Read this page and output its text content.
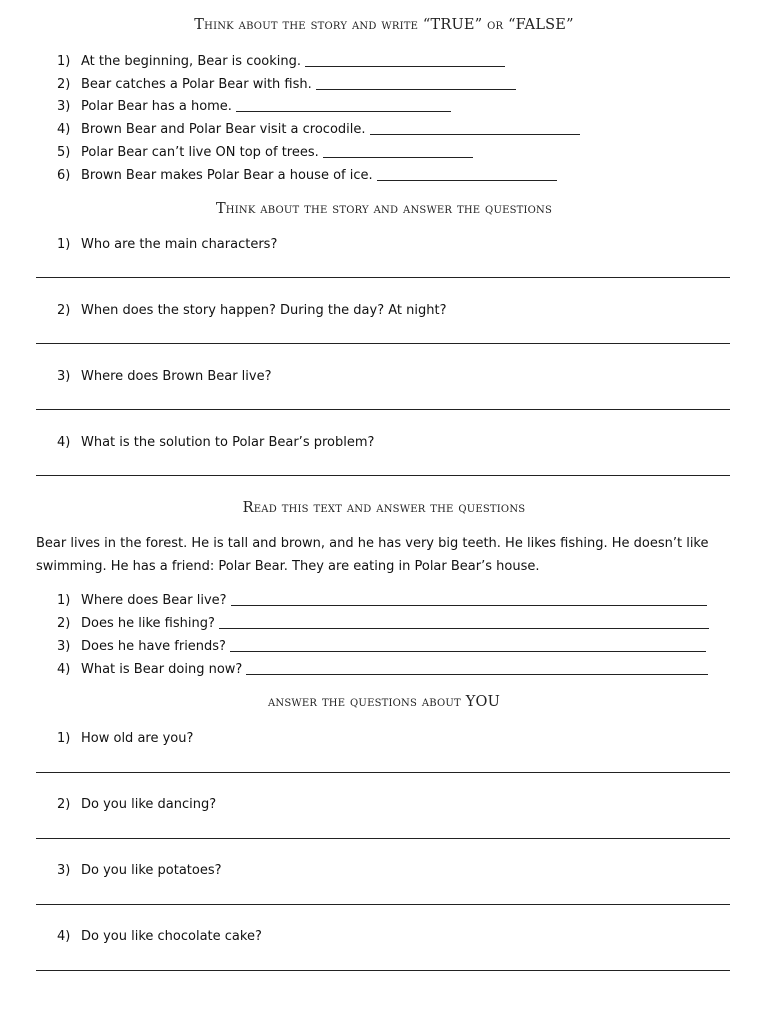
Think about the story and write “TRUE” or “FALSE”
1) At the beginning, Bear is cooking.
2) Bear catches a Polar Bear with fish.
3) Polar Bear has a home.
4) Brown Bear and Polar Bear visit a crocodile.
5) Polar Bear can’t live ON top of trees.
6) Brown Bear makes Polar Bear a house of ice.
Think about the story and answer the questions
1) Who are the main characters?
2) When does the story happen? During the day? At night?
3) Where does Brown Bear live?
4) What is the solution to Polar Bear’s problem?
Read this text and answer the questions
Bear lives in the forest. He is tall and brown, and he has very big teeth. He likes fishing. He doesn’t like swimming. He has a friend: Polar Bear. They are eating in Polar Bear’s house.
1) Where does Bear live?
2) Does he like fishing?
3) Does he have friends?
4) What is Bear doing now?
answer the questions about YOU
1) How old are you?
2) Do you like dancing?
3) Do you like potatoes?
4) Do you like chocolate cake?
